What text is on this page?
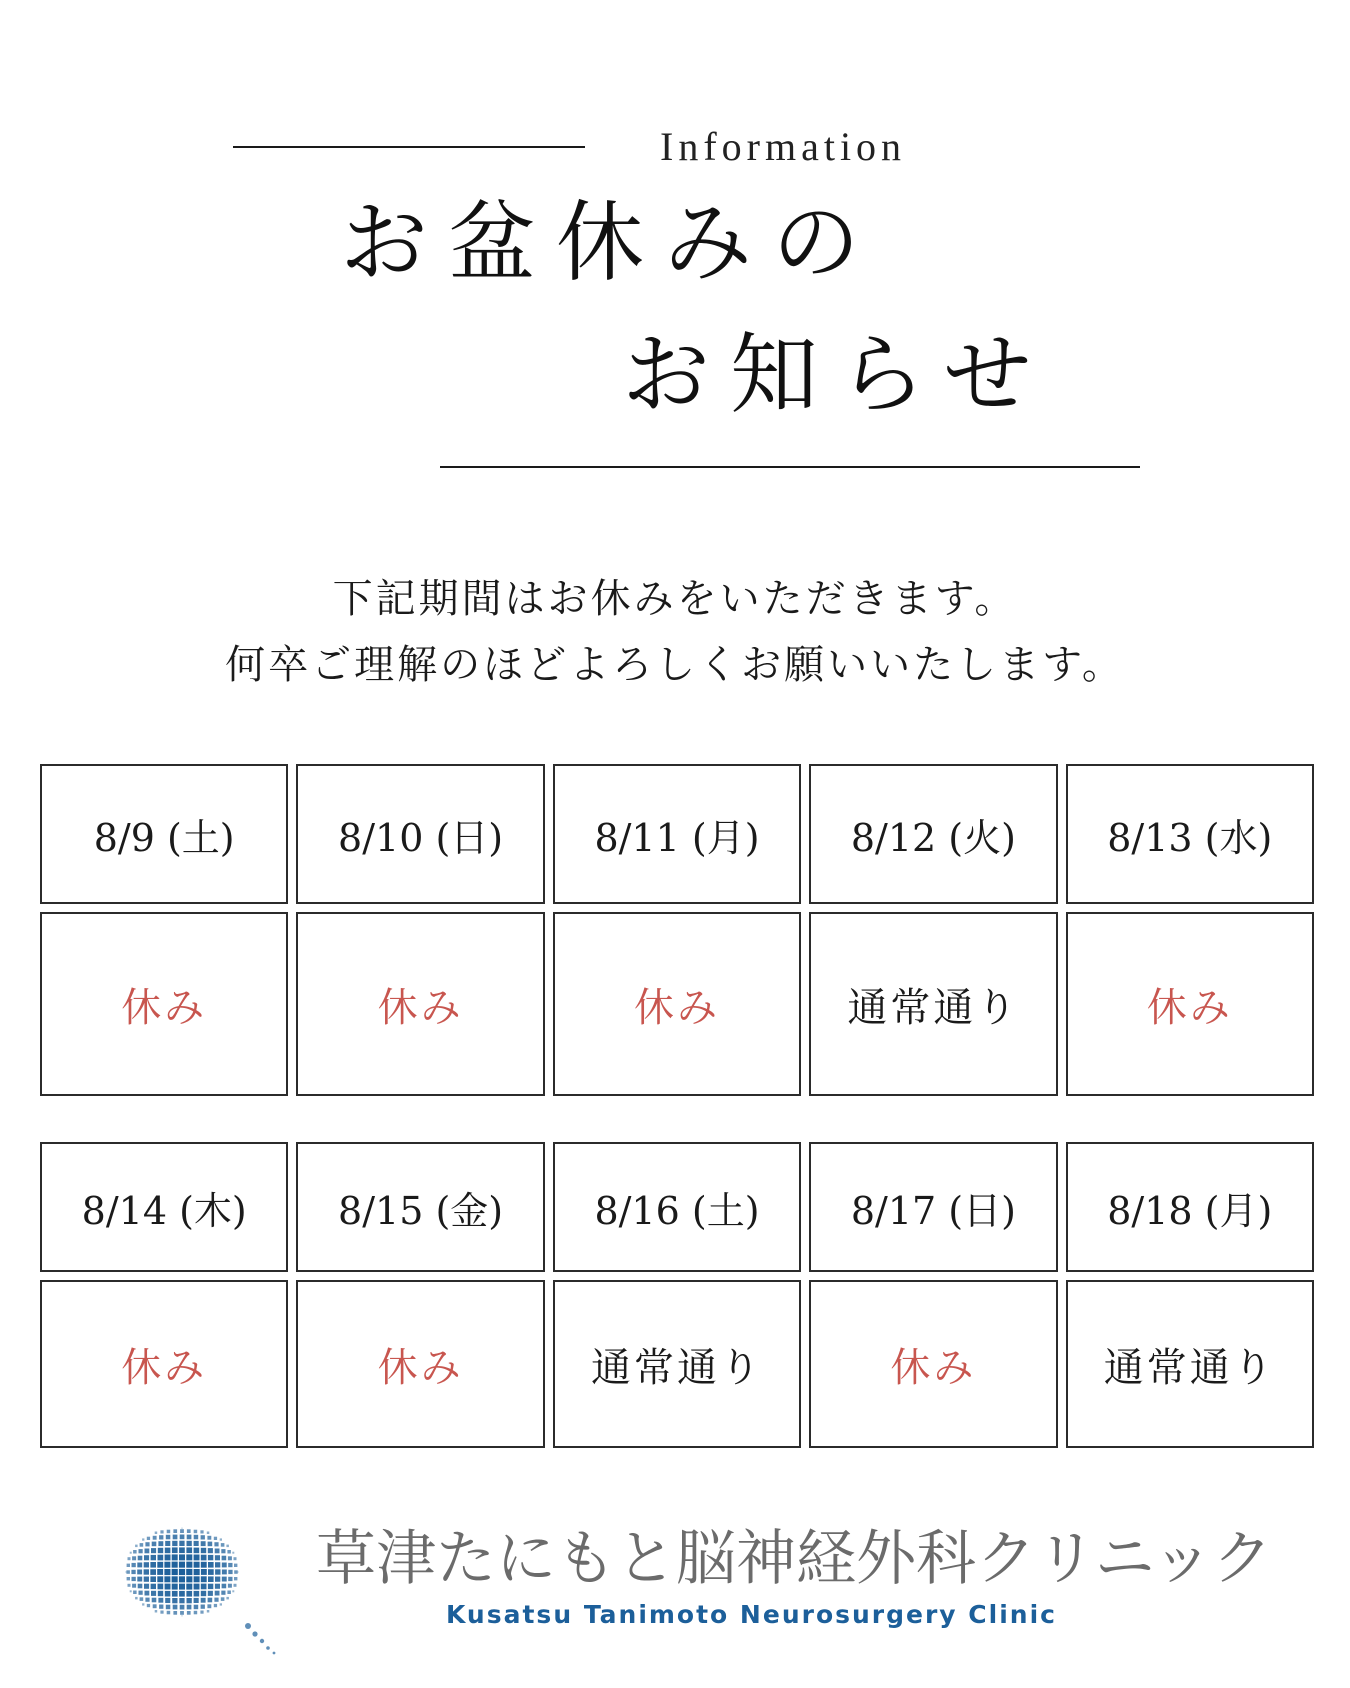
Information
お盆休みの
お知らせ
下記期間はお休みをいただきます。
何卒ご理解のほどよろしくお願いいたします。
8/9 (土)	8/10 (日)	8/11 (月)	8/12 (火)	8/13 (水)
休み	休み	休み	通常通り	休み
8/14 (木)	8/15 (金)	8/16 (土)	8/17 (日)	8/18 (月)
休み	休み	通常通り	休み	通常通り
草津たにもと脳神経外科クリニック
Kusatsu Tanimoto Neurosurgery Clinic
